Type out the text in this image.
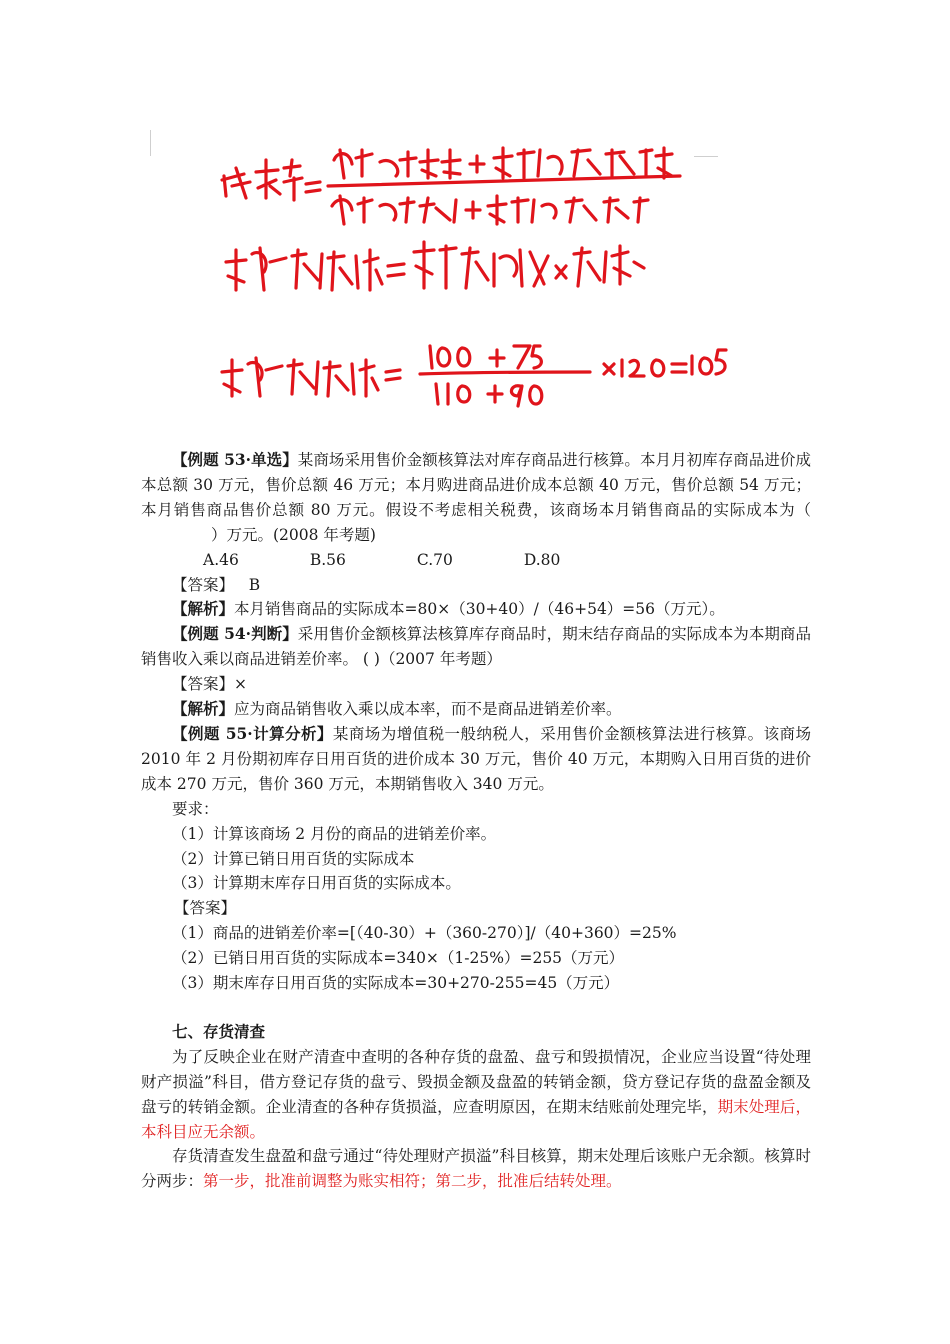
【例题 53·单选】某商场采用售价金额核算法对库存商品进行核算。本月月初库存商品进价成本总额 30 万元，售价总额 46 万元；本月购进商品进价成本总额 40 万元，售价总额 54 万元；本月销售商品售价总额 80 万元。假设不考虑相关税费，该商场本月销售商品的实际成本为（）万元。(2008 年考题)

A.46	B.56	C.70	D.80

【答案】 B

【解析】本月销售商品的实际成本=80×（30+40）/（46+54）=56（万元）。

【例题 54·判断】采用售价金额核算法核算库存商品时，期末结存商品的实际成本为本期商品销售收入乘以商品进销差价率。 ( )（2007 年考题）

【答案】×

【解析】应为商品销售收入乘以成本率，而不是商品进销差价率。

【例题 55·计算分析】某商场为增值税一般纳税人，采用售价金额核算法进行核算。该商场 2010 年 2 月份期初库存日用百货的进价成本 30 万元，售价 40 万元，本期购入日用百货的进价成本 270 万元，售价 360 万元，本期销售收入 340 万元。

要求：

（1）计算该商场 2 月份的商品的进销差价率。

（2）计算已销日用百货的实际成本

（3）计算期末库存日用百货的实际成本。

【答案】

（1）商品的进销差价率=[（40-30）+（360-270）]/（40+360）=25%

（2）已销日用百货的实际成本=340×（1-25%）=255（万元）

（3）期末库存日用百货的实际成本=30+270-255=45（万元）

七、存货清查

为了反映企业在财产清查中查明的各种存货的盘盈、盘亏和毁损情况，企业应当设置“待处理财产损溢”科目，借方登记存货的盘亏、毁损金额及盘盈的转销金额，贷方登记存货的盘盈金额及盘亏的转销金额。企业清查的各种存货损溢，应查明原因，在期末结账前处理完毕，期末处理后，本科目应无余额。

存货清查发生盘盈和盘亏通过“待处理财产损溢”科目核算，期末处理后该账户无余额。核算时分两步：第一步，批准前调整为账实相符；第二步，批准后结转处理。
